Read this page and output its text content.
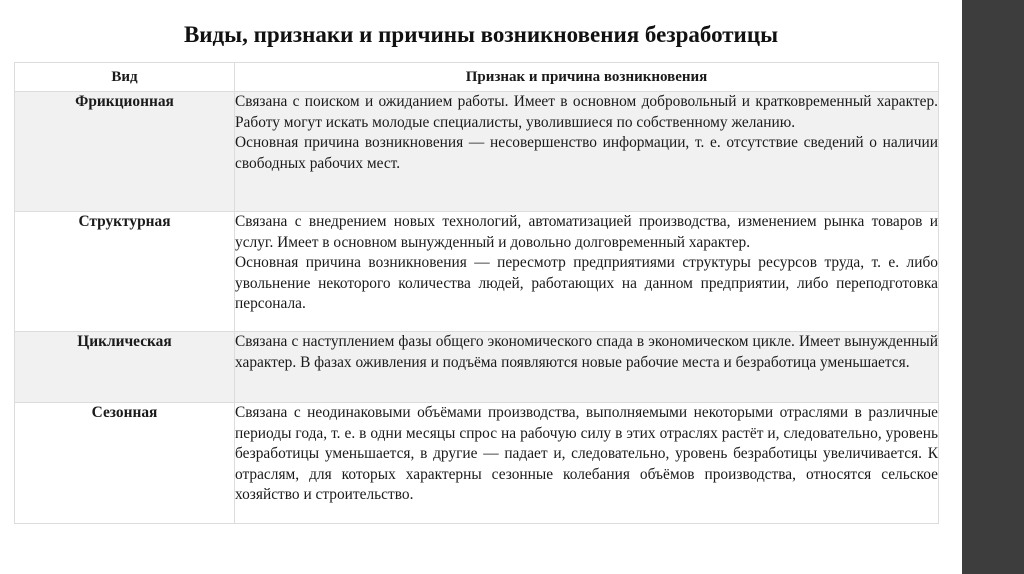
Виды, признаки и причины возникновения безработицы
Вид	Признак и причина возникновения
Фрикционная	Связана с поиском и ожиданием работы. Имеет в основном добровольный и кратковременный характер. Работу могут искать молодые специалисты, уволившиеся по собственному желанию.

Основная причина возникновения — несовершенство информации, т. е. отсутствие сведений о наличии свободных рабочих мест.

Структурная	Связана с внедрением новых технологий, автоматизацией производства, изменением рынка товаров и услуг. Имеет в основном вынужденный и довольно долговременный характер.

Основная причина возникновения — пересмотр предприятиями структуры ресурсов труда, т. е. либо увольнение некоторого количества людей, работающих на данном предприятии, либо переподготовка персонала.

Циклическая	Связана с наступлением фазы общего экономического спада в экономическом цикле. Имеет вынужденный характер. В фазах оживления и подъёма появляются новые рабочие места и безработица уменьшается.

Сезонная	Связана с неодинаковыми объёмами производства, выполняемыми некоторыми отраслями в различные периоды года, т. е. в одни месяцы спрос на рабочую силу в этих отраслях растёт и, следовательно, уровень безработицы уменьшается, в другие — падает и, следовательно, уровень безработицы увеличивается. К отраслям, для которых характерны сезонные колебания объёмов производства, относятся сельское хозяйство и строительство.
